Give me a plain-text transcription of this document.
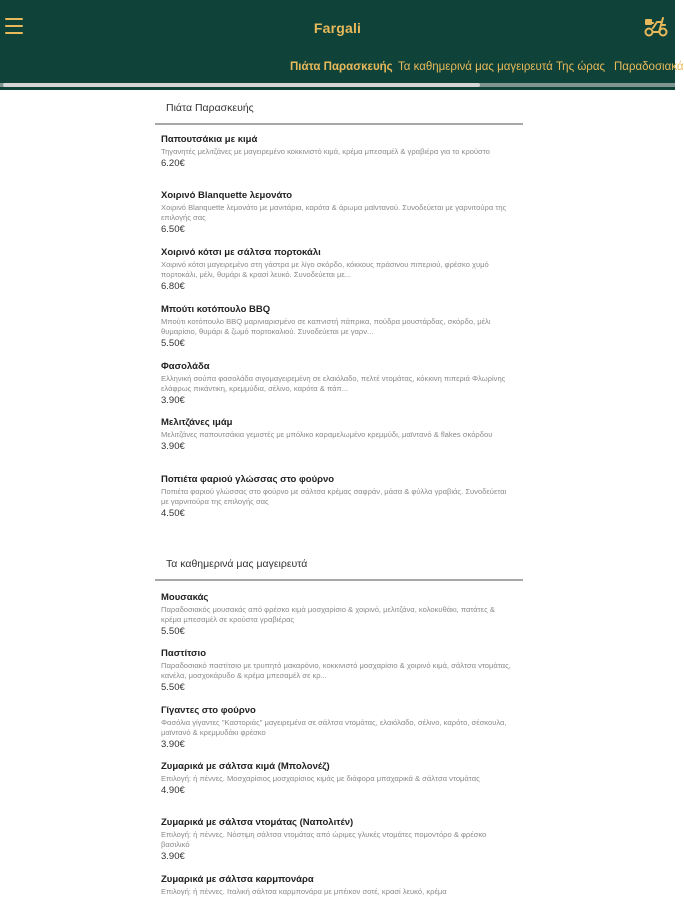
Fargali
Πιάτα Παρασκευής Τα καθημερινά μας μαγειρευτά Της ώρας Παραδοσιακά
Πιάτα Παρασκευής
Παπουτσάκια με κιμά
Τηγανητές μελιτζάνες με μαγειρεμένο κοκκινιστό κιμά, κρέμα μπεσαμέλ & γραβιέρα για το κρούστο
6.20€
Χοιρινό Blanquette λεμονάτο
Χοιρινό Blanquette λεμονάτο με μανιτάρια, καρότα & άρωμα μαϊντανού. Συνοδεύεται με γαρνιτούρα της επιλογής σας
6.50€
Χοιρινό κότσι με σάλτσα πορτοκάλι
Χοιρινό κότσι μαγειρεμένο στη γάστρα με λίγο σκόρδο, κόκκους πράσινου πιπεριού, φρέσκο χυμό πορτοκάλι, μέλι, θυμάρι & κρασί λευκό. Συνοδεύεται με...
6.80€
Μπούτι κοτόπουλο BBQ
Μπούτι κοτόπουλο BBQ μαρινιαρισμένο σε καπνιστή πάπρικα, πούδρα μουστάρδας, σκόρδο, μέλι θυμαρίσιο, θυμάρι & ζωμό πορτοκαλιού. Συνοδεύεται με γαρν...
5.50€
Φασολάδα
Ελληνική σούπα φασολάδα σιγομαγειρεμένη σε ελαιόλαδο, πελτέ ντομάτας, κόκκινη πιπεριά Φλωρίνης ελάφρως πικάντικη, κρεμμύδια, σέλινο, καρότα & πάπ...
3.90€
Μελιτζάνες ιμάμ
Μελιτζάνες παπουτσάκια γεμιστές με μπόλικο καραμελωμένο κρεμμύδι, μαϊντανό & flakes σκόρδου
3.90€
Ποπιέτα φαριού γλώσσας στο φούρνο
Ποπιέτα φαριού γλώσσας στο φούρνο με σάλτσα κρέμας σαφράν, μάσα & φύλλα γραβιάς. Συνοδεύεται με γαρνιτούρα της επιλογής σας
4.50€
Τα καθημερινά μας μαγειρευτά
Μουσακάς
Παραδοσιακός μουσακάς από φρέσκο κιμά μοσχαρίσιο & χοιρινό, μελιτζάνα, κολοκυθάκι, πατάτες & κρέμα μπεσαμέλ σε κρούστα γραβιέρας
5.50€
Παστίτσιο
Παραδοσιακό παστίτσιο με τρυπητό μακαρόνιο, κοκκινιστό μοσχαρίσιο & χοιρινό κιμά, σάλτσα ντομάτας, κανέλα, μοσχοκάρυδο & κρέμα μπεσαμέλ σε κρ...
5.50€
Γίγαντες στο φούρνο
Φασόλια γίγαντες "Καστοριάς" μαγειρεμένα σε σάλτσα ντομάτας, ελαιόλαδο, σέλινο, καρότο, σέσκουλα, μαϊντανό & κρεμμυδάκι φρέσκο
3.90€
Ζυμαρικά με σάλτσα κιμά (Μπολονέζ)
Επιλογή: ή πέννες. Μοσχαρίσιος μοσχαρίσιος κιμάς με διάφορα μπαχαρικά & σάλτσα ντομάτας
4.90€
Ζυμαρικά με σάλτσα ντομάτας (Ναπολιτέν)
Επιλογή: ή πέννες. Νόστιμη σάλτσα ντομάτας από ώριμες γλυκές ντομάτες πομοντόρο & φρέσκο βασιλικό
3.90€
Ζυμαρικά με σάλτσα καρμπονάρα
Επιλογή: ή πέννες. Ιταλική σάλτσα καρμπονάρα με μπέικον σοτέ, κρασί λευκό, κρέμα
